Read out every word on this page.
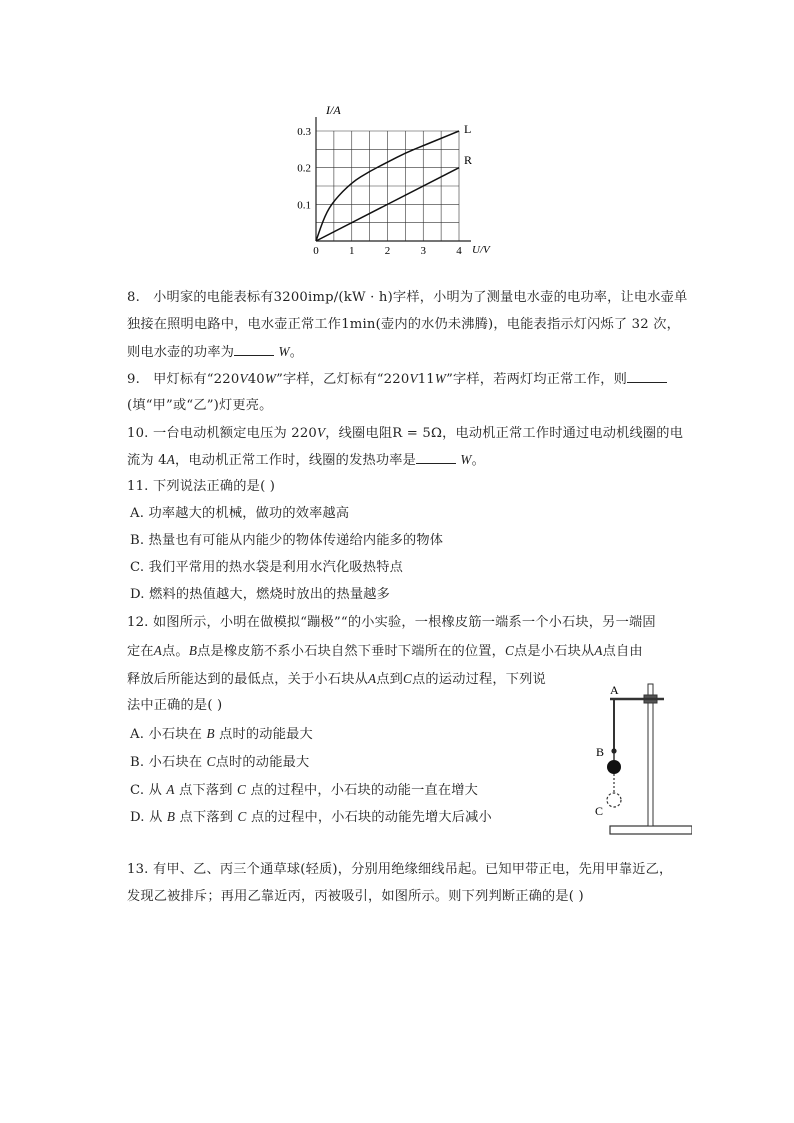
0	1	2	3	4
0.1
0.2
0.3
I/A
U/V
L
R
8. 小明家的电能表标有3200imp/(kW · h)字样，小明为了测量电水壶的电功率，让电水壶单
独接在照明电路中，电水壶正常工作1min(壶内的水仍未沸腾)，电能表指示灯闪烁了 32 次，
则电水壶的功率为	W。
9. 甲灯标有“220V40W”字样，乙灯标有“220V11W”字样，若两灯均正常工作，则
(填“甲”或“乙”)灯更亮。
10. 一台电动机额定电压为 220V，线圈电阻R = 5Ω，电动机正常工作时通过电动机线圈的电
流为 4A，电动机正常工作时，线圈的发热功率是	W。
11. 下列说法正确的是( )
A. 功率越大的机械，做功的效率越高
B. 热量也有可能从内能少的物体传递给内能多的物体
C. 我们平常用的热水袋是利用水汽化吸热特点
D. 燃料的热值越大，燃烧时放出的热量越多
12. 如图所示，小明在做模拟“蹦极”“的小实验，一根橡皮筋一端系一个小石块，另一端固
定在A点。B点是橡皮筋不系小石块自然下垂时下端所在的位置，C点是小石块从A点自由
释放后所能达到的最低点，关于小石块从A点到C点的运动过程，下列说
法中正确的是( )
A. 小石块在 B 点时的动能最大
B. 小石块在 C点时的动能最大
C. 从 A 点下落到 C 点的过程中，小石块的动能一直在增大
D. 从 B 点下落到 C 点的过程中，小石块的动能先增大后减小
A
B
C
13. 有甲、乙、丙三个通草球(轻质)，分别用绝缘细线吊起。已知甲带正电，先用甲靠近乙，
发现乙被排斥；再用乙靠近丙，丙被吸引，如图所示。则下列判断正确的是( )
